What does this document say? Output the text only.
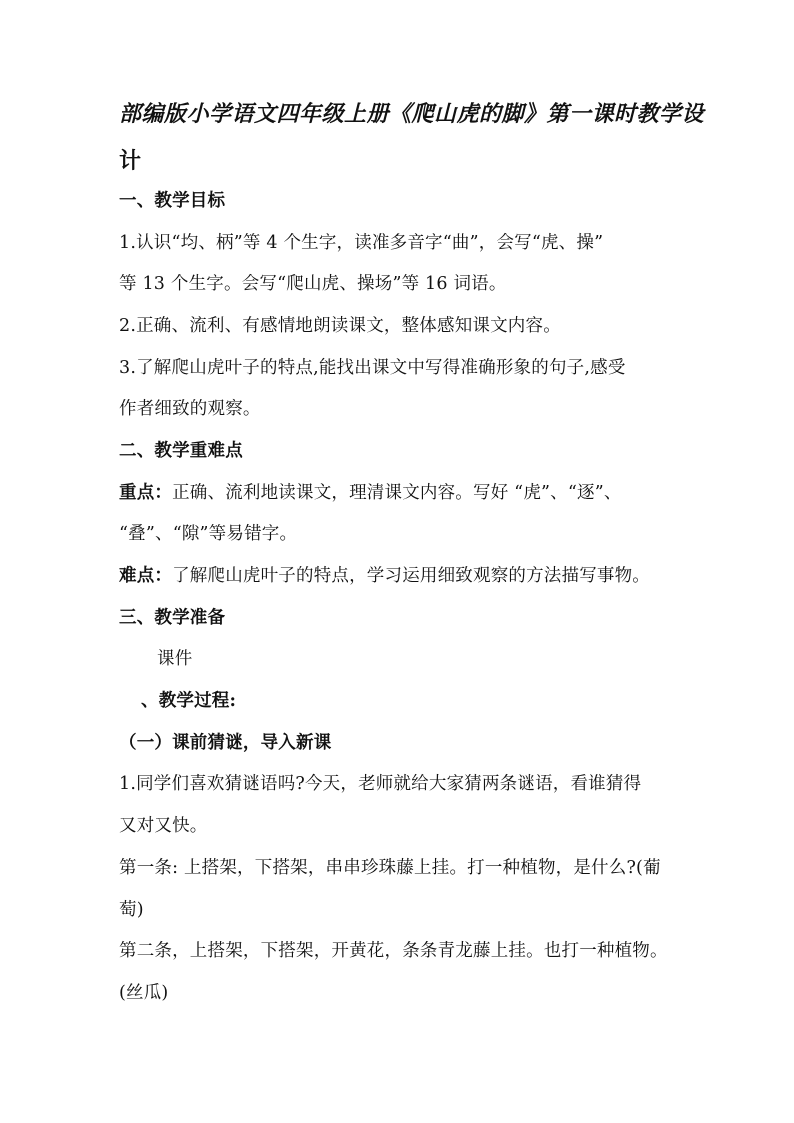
部编版小学语文四年级上册《爬山虎的脚》第一课时教学设
计
一、教学目标
1.认识“均、柄”等 4 个生字，读准多音字“曲”，会写“虎、操”
等 13 个生字。会写“爬山虎、操场”等 16 词语。
2.正确、流利、有感情地朗读课文，整体感知课文内容。
3.了解爬山虎叶子的特点,能找出课文中写得准确形象的句子,感受
作者细致的观察。
二、教学重难点
重点：正确、流利地读课文，理清课文内容。写好 “虎”、“逐”、
“叠”、“隙”等易错字。
难点：了解爬山虎叶子的特点，学习运用细致观察的方法描写事物。
三、教学准备
课件
、教学过程:
（一）课前猜谜，导入新课
1.同学们喜欢猜谜语吗?今天，老师就给大家猜两条谜语，看谁猜得
又对又快。
第一条: 上搭架，下搭架，串串珍珠藤上挂。打一种植物，是什么?(葡
萄)
第二条，上搭架，下搭架，开黄花，条条青龙藤上挂。也打一种植物。
(丝瓜)
